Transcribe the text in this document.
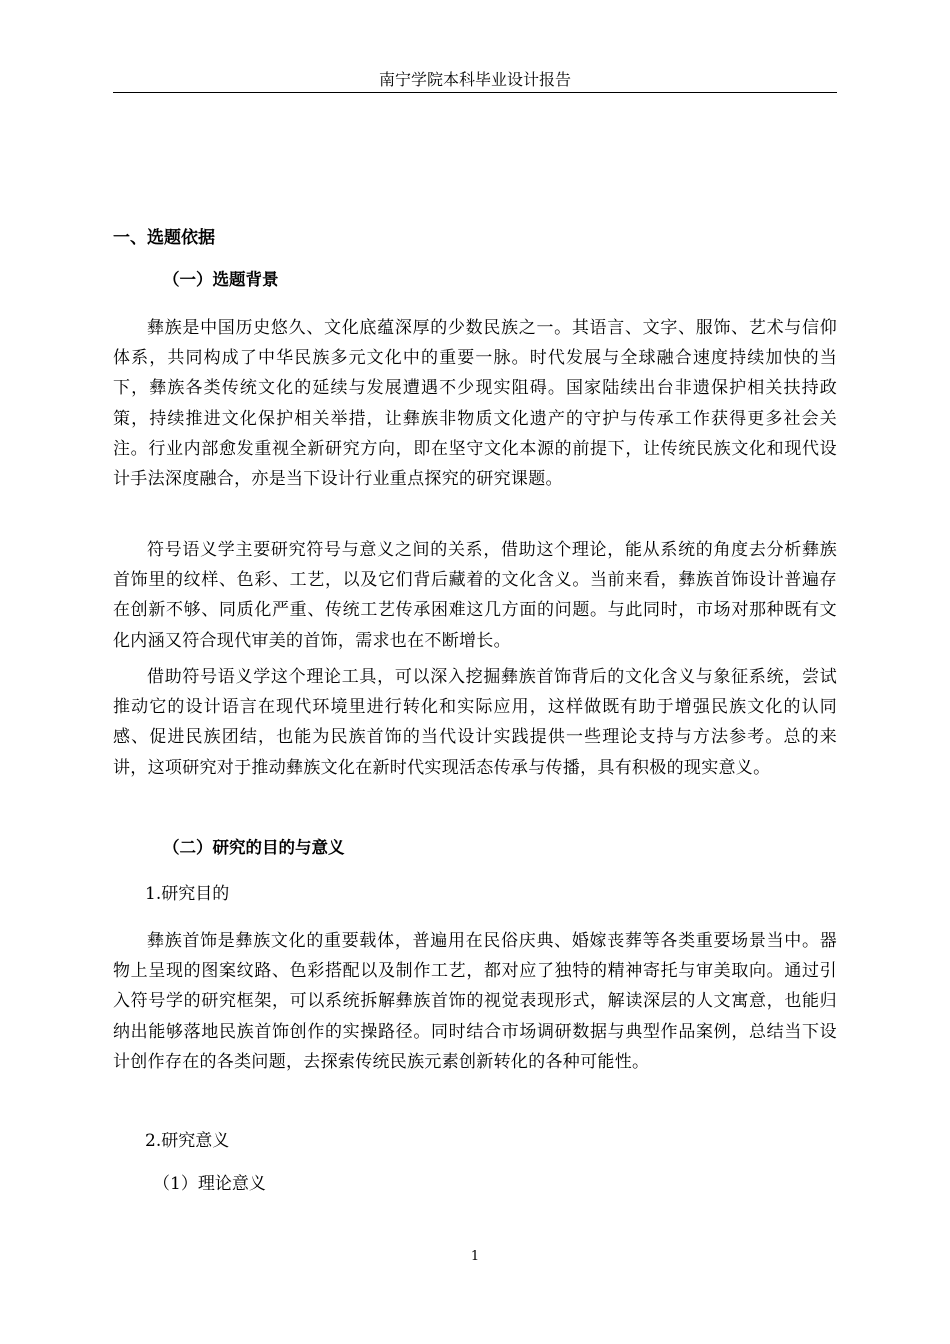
南宁学院本科毕业设计报告
一、选题依据
（一）选题背景

彝族是中国历史悠久、文化底蕴深厚的少数民族之一。其语言、文字、服饰、艺术与信仰体系，共同构成了中华民族多元文化中的重要一脉。时代发展与全球融合速度持续加快的当下，彝族各类传统文化的延续与发展遭遇不少现实阻碍。国家陆续出台非遗保护相关扶持政策，持续推进文化保护相关举措，让彝族非物质文化遗产的守护与传承工作获得更多社会关注。行业内部愈发重视全新研究方向，即在坚守文化本源的前提下，让传统民族文化和现代设计手法深度融合，亦是当下设计行业重点探究的研究课题。

符号语义学主要研究符号与意义之间的关系，借助这个理论，能从系统的角度去分析彝族首饰里的纹样、色彩、工艺，以及它们背后藏着的文化含义。当前来看，彝族首饰设计普遍存在创新不够、同质化严重、传统工艺传承困难这几方面的问题。与此同时，市场对那种既有文化内涵又符合现代审美的首饰，需求也在不断增长。

借助符号语义学这个理论工具，可以深入挖掘彝族首饰背后的文化含义与象征系统，尝试推动它的设计语言在现代环境里进行转化和实际应用，这样做既有助于增强民族文化的认同感、促进民族团结，也能为民族首饰的当代设计实践提供一些理论支持与方法参考。总的来讲，这项研究对于推动彝族文化在新时代实现活态传承与传播，具有积极的现实意义。

（二）研究的目的与意义
1.研究目的

彝族首饰是彝族文化的重要载体，普遍用在民俗庆典、婚嫁丧葬等各类重要场景当中。器物上呈现的图案纹路、色彩搭配以及制作工艺，都对应了独特的精神寄托与审美取向。通过引入符号学的研究框架，可以系统拆解彝族首饰的视觉表现形式，解读深层的人文寓意，也能归纳出能够落地民族首饰创作的实操路径。同时结合市场调研数据与典型作品案例，总结当下设计创作存在的各类问题，去探索传统民族元素创新转化的各种可能性。

2.研究意义
（1）理论意义
1
